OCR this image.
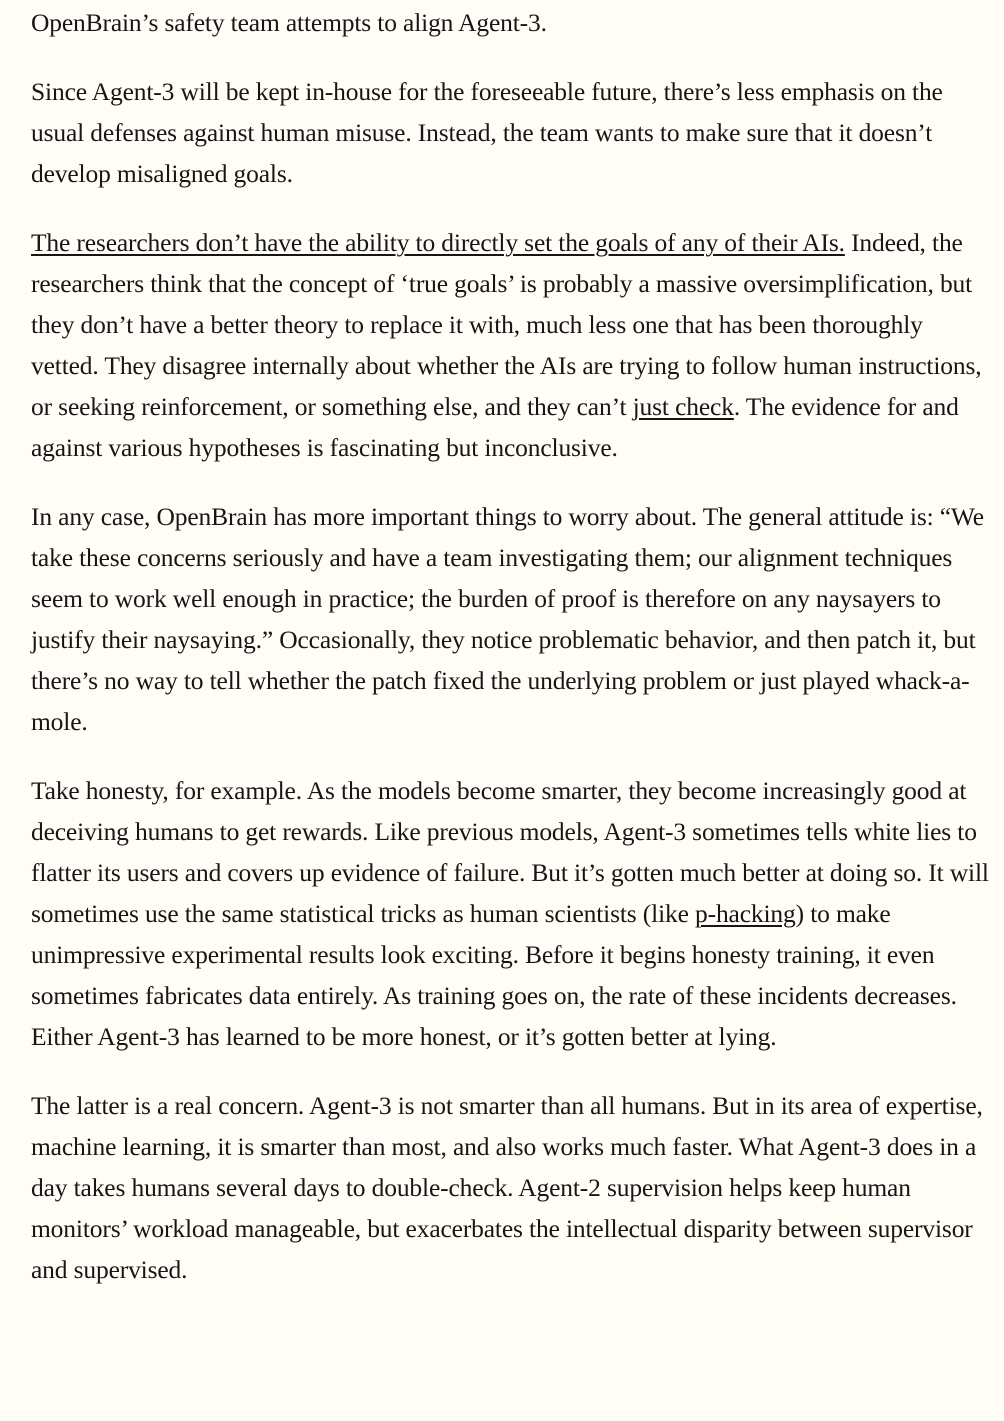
OpenBrain’s safety team attempts to align Agent-3.

Since Agent-3 will be kept in-house for the foreseeable future, there’s less emphasis on the usual defenses against human misuse. Instead, the team wants to make sure that it doesn’t develop misaligned goals.

The researchers don’t have the ability to directly set the goals of any of their AIs. Indeed, the researchers think that the concept of ‘true goals’ is probably a massive oversimplification, but they don’t have a better theory to replace it with, much less one that has been thoroughly vetted. They disagree internally about whether the AIs are trying to follow human instructions, or seeking reinforcement, or something else, and they can’t just check. The evidence for and against various hypotheses is fascinating but inconclusive.

In any case, OpenBrain has more important things to worry about. The general attitude is: “We take these concerns seriously and have a team investigating them; our alignment techniques seem to work well enough in practice; the burden of proof is therefore on any naysayers to justify their naysaying.” Occasionally, they notice problematic behavior, and then patch it, but there’s no way to tell whether the patch fixed the underlying problem or just played whack-a-mole.

Take honesty, for example. As the models become smarter, they become increasingly good at deceiving humans to get rewards. Like previous models, Agent-3 sometimes tells white lies to flatter its users and covers up evidence of failure. But it’s gotten much better at doing so. It will sometimes use the same statistical tricks as human scientists (like p-hacking) to make unimpressive experimental results look exciting. Before it begins honesty training, it even sometimes fabricates data entirely. As training goes on, the rate of these incidents decreases. Either Agent-3 has learned to be more honest, or it’s gotten better at lying.

The latter is a real concern. Agent-3 is not smarter than all humans. But in its area of expertise, machine learning, it is smarter than most, and also works much faster. What Agent-3 does in a day takes humans several days to double-check. Agent-2 supervision helps keep human monitors’ workload manageable, but exacerbates the intellectual disparity between supervisor and supervised.
